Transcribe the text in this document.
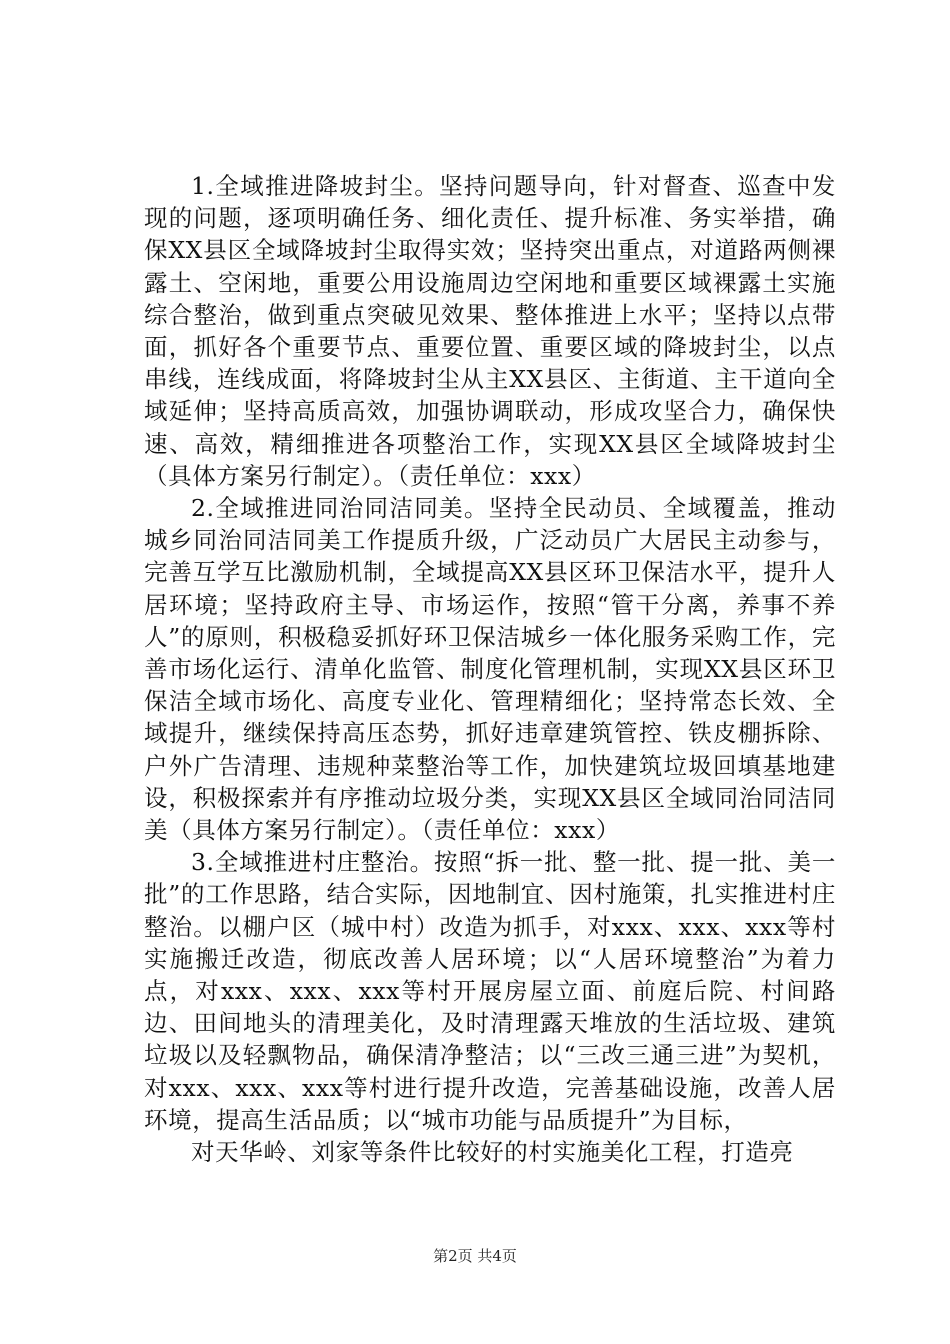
1.全域推进降坡封尘。坚持问题导向，针对督查、巡查中发现的问题，逐项明确任务、细化责任、提升标准、务实举措，确保XX县区全域降坡封尘取得实效；坚持突出重点，对道路两侧裸露土、空闲地，重要公用设施周边空闲地和重要区域裸露土实施综合整治，做到重点突破见效果、整体推进上水平；坚持以点带面，抓好各个重要节点、重要位置、重要区域的降坡封尘，以点串线，连线成面，将降坡封尘从主XX县区、主街道、主干道向全域延伸；坚持高质高效，加强协调联动，形成攻坚合力，确保快速、高效，精细推进各项整治工作，实现XX县区全域降坡封尘（具体方案另行制定）。（责任单位：xxx）

2.全域推进同治同洁同美。坚持全民动员、全域覆盖，推动城乡同治同洁同美工作提质升级，广泛动员广大居民主动参与，完善互学互比激励机制，全域提高XX县区环卫保洁水平，提升人居环境；坚持政府主导、市场运作，按照“管干分离，养事不养人”的原则，积极稳妥抓好环卫保洁城乡一体化服务采购工作，完善市场化运行、清单化监管、制度化管理机制，实现XX县区环卫保洁全域市场化、高度专业化、管理精细化；坚持常态长效、全域提升，继续保持高压态势，抓好违章建筑管控、铁皮棚拆除、户外广告清理、违规种菜整治等工作，加快建筑垃圾回填基地建设，积极探索并有序推动垃圾分类，实现XX县区全域同治同洁同美（具体方案另行制定）。（责任单位：xxx）

3.全域推进村庄整治。按照“拆一批、整一批、提一批、美一批”的工作思路，结合实际，因地制宜、因村施策，扎实推进村庄整治。以棚户区（城中村）改造为抓手，对xxx、xxx、xxx等村实施搬迁改造，彻底改善人居环境；以“人居环境整治”为着力点，对xxx、xxx、xxx等村开展房屋立面、前庭后院、村间路边、田间地头的清理美化，及时清理露天堆放的生活垃圾、建筑垃圾以及轻飘物品，确保清净整洁；以“三改三通三进”为契机，对xxx、xxx、xxx等村进行提升改造，完善基础设施，改善人居环境，提高生活品质；以“城市功能与品质提升”为目标，

对天华岭、刘家等条件比较好的村实施美化工程，打造亮

第2页 共4页
